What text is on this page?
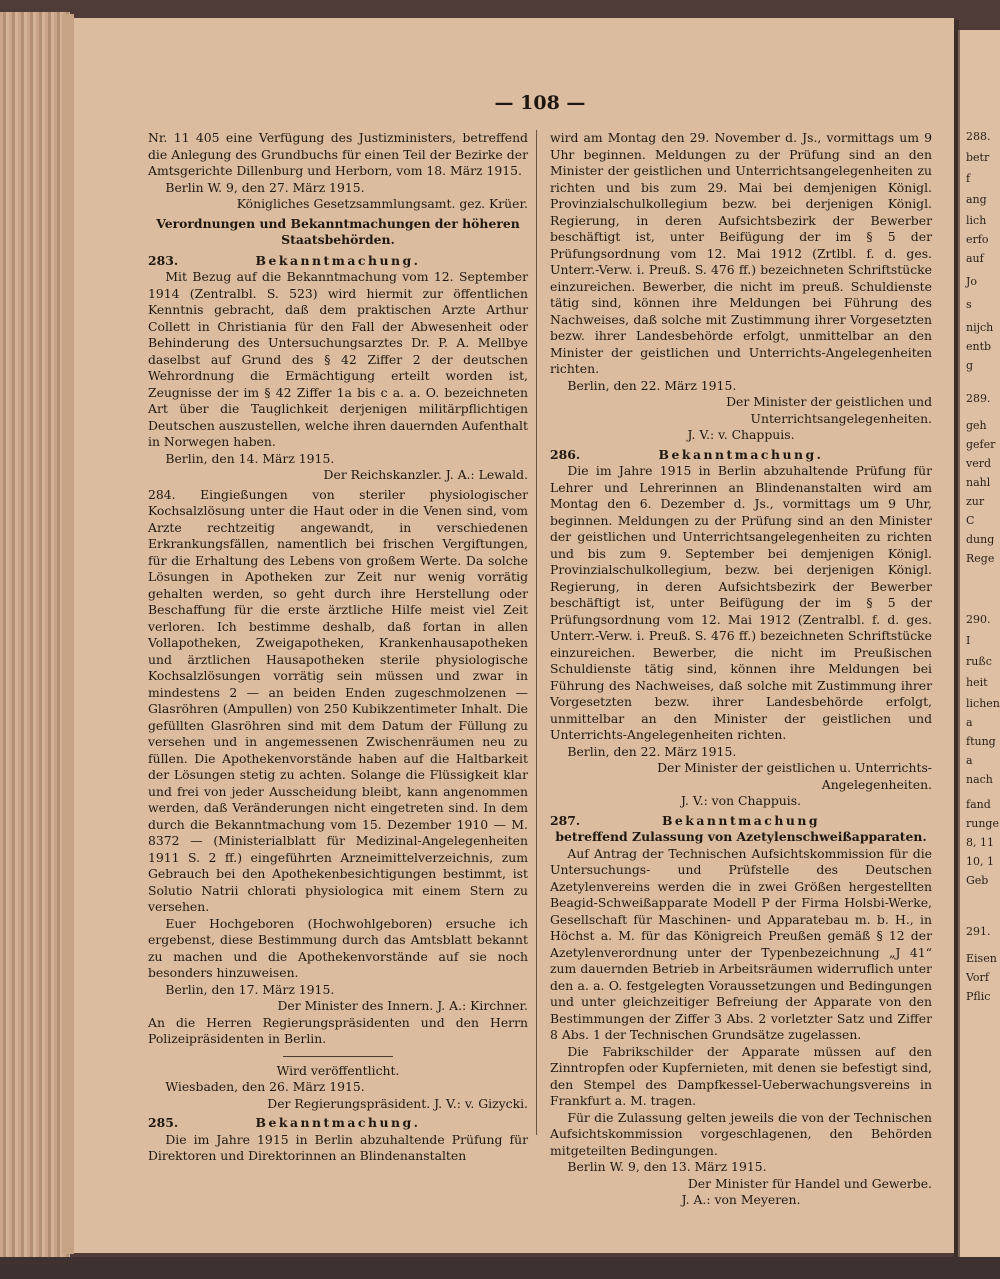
— 108 —

Nr. 11 405 eine Verfügung des Justizministers, betreffend die Anlegung des Grundbuchs für einen Teil der Bezirke der Amtsgerichte Dillenburg und Herborn, vom 18. März 1915.

Berlin W. 9, den 27. März 1915.

Königliches Gesetzsammlungsamt. gez. Krüer.

Verordnungen und Bekanntmachungen der höheren Staatsbehörden.

283.	Bekanntmachung.

Mit Bezug auf die Bekanntmachung vom 12. September 1914 (Zentralbl. S. 523) wird hiermit zur öffentlichen Kenntnis gebracht, daß dem praktischen Arzte Arthur Collett in Christiania für den Fall der Abwesenheit oder Behinderung des Untersuchungsarztes Dr. P. A. Mellbye daselbst auf Grund des § 42 Ziffer 2 der deutschen Wehrordnung die Ermächtigung erteilt worden ist, Zeugnisse der im § 42 Ziffer 1a bis c a. a. O. bezeichneten Art über die Tauglichkeit derjenigen militärpflichtigen Deutschen auszustellen, welche ihren dauernden Aufenthalt in Norwegen haben.

Berlin, den 14. März 1915.

Der Reichskanzler. J. A.: Lewald.

284. Eingießungen von steriler physiologischer Kochsalzlösung unter die Haut oder in die Venen sind, vom Arzte rechtzeitig angewandt, in verschiedenen Erkrankungsfällen, namentlich bei frischen Vergiftungen, für die Erhaltung des Lebens von großem Werte. Da solche Lösungen in Apotheken zur Zeit nur wenig vorrätig gehalten werden, so geht durch ihre Herstellung oder Beschaffung für die erste ärztliche Hilfe meist viel Zeit verloren. Ich bestimme deshalb, daß fortan in allen Vollapotheken, Zweigapotheken, Krankenhausapotheken und ärztlichen Hausapotheken sterile physiologische Kochsalzlösungen vorrätig sein müssen und zwar in mindestens 2 — an beiden Enden zugeschmolzenen — Glasröhren (Ampullen) von 250 Kubikzentimeter Inhalt. Die gefüllten Glasröhren sind mit dem Datum der Füllung zu versehen und in angemessenen Zwischenräumen neu zu füllen. Die Apothekenvorstände haben auf die Haltbarkeit der Lösungen stetig zu achten. Solange die Flüssigkeit klar und frei von jeder Ausscheidung bleibt, kann angenommen werden, daß Veränderungen nicht eingetreten sind. In dem durch die Bekanntmachung vom 15. Dezember 1910 — M. 8372 — (Ministerialblatt für Medizinal-Angelegenheiten 1911 S. 2 ff.) eingeführten Arzneimittelverzeichnis, zum Gebrauch bei den Apothekenbesichtigungen bestimmt, ist Solutio Natrii chlorati physiologica mit einem Stern zu versehen.

Euer Hochgeboren (Hochwohlgeboren) ersuche ich ergebenst, diese Bestimmung durch das Amtsblatt bekannt zu machen und die Apothekenvorstände auf sie noch besonders hinzuweisen.

Berlin, den 17. März 1915.

Der Minister des Innern. J. A.: Kirchner.

An die Herren Regierungspräsidenten und den Herrn Polizeipräsidenten in Berlin.

Wird veröffentlicht.

Wiesbaden, den 26. März 1915.

Der Regierungspräsident. J. V.: v. Gizycki.

285.	Bekanntmachung.

Die im Jahre 1915 in Berlin abzuhaltende Prüfung für Direktoren und Direktorinnen an Blindenanstalten

wird am Montag den 29. November d. Js., vormittags um 9 Uhr beginnen. Meldungen zu der Prüfung sind an den Minister der geistlichen und Unterrichtsangelegenheiten zu richten und bis zum 29. Mai bei demjenigen Königl. Provinzialschulkollegium bezw. bei derjenigen Königl. Regierung, in deren Aufsichtsbezirk der Bewerber beschäftigt ist, unter Beifügung der im § 5 der Prüfungsordnung vom 12. Mai 1912 (Zrtlbl. f. d. ges. Unterr.-Verw. i. Preuß. S. 476 ff.) bezeichneten Schriftstücke einzureichen. Bewerber, die nicht im preuß. Schuldienste tätig sind, können ihre Meldungen bei Führung des Nachweises, daß solche mit Zustimmung ihrer Vorgesetzten bezw. ihrer Landesbehörde erfolgt, unmittelbar an den Minister der geistlichen und Unterrichts-Angelegenheiten richten.

Berlin, den 22. März 1915.

Der Minister der geistlichen und Unterrichtsangelegenheiten.

J. V.: v. Chappuis.

286.	Bekanntmachung.

Die im Jahre 1915 in Berlin abzuhaltende Prüfung für Lehrer und Lehrerinnen an Blindenanstalten wird am Montag den 6. Dezember d. Js., vormittags um 9 Uhr, beginnen. Meldungen zu der Prüfung sind an den Minister der geistlichen und Unterrichtsangelegenheiten zu richten und bis zum 9. September bei demjenigen Königl. Provinzialschulkollegium, bezw. bei derjenigen Königl. Regierung, in deren Aufsichtsbezirk der Bewerber beschäftigt ist, unter Beifügung der im § 5 der Prüfungsordnung vom 12. Mai 1912 (Zentralbl. f. d. ges. Unterr.-Verw. i. Preuß. S. 476 ff.) bezeichneten Schriftstücke einzureichen. Bewerber, die nicht im Preußischen Schuldienste tätig sind, können ihre Meldungen bei Führung des Nachweises, daß solche mit Zustimmung ihrer Vorgesetzten bezw. ihrer Landesbehörde erfolgt, unmittelbar an den Minister der geistlichen und Unterrichts-Angelegenheiten richten.

Berlin, den 22. März 1915.

Der Minister der geistlichen u. Unterrichts-Angelegenheiten.

J. V.: von Chappuis.

287.	Bekanntmachung

betreffend Zulassung von Azetylenschweißapparaten.

Auf Antrag der Technischen Aufsichtskommission für die Untersuchungs- und Prüfstelle des Deutschen Azetylenvereins werden die in zwei Größen hergestellten Beagid-Schweißapparate Modell P der Firma Holsbi-Werke, Gesellschaft für Maschinen- und Apparatebau m. b. H., in Höchst a. M. für das Königreich Preußen gemäß § 12 der Azetylenverordnung unter der Typenbezeichnung „J 41“ zum dauernden Betrieb in Arbeitsräumen widerruflich unter den a. a. O. festgelegten Voraussetzungen und Bedingungen und unter gleichzeitiger Befreiung der Apparate von den Bestimmungen der Ziffer 3 Abs. 2 vorletzter Satz und Ziffer 8 Abs. 1 der Technischen Grundsätze zugelassen.

Die Fabrikschilder der Apparate müssen auf den Zinntropfen oder Kupfernieten, mit denen sie befestigt sind, den Stempel des Dampfkessel-Ueberwachungsvereins in Frankfurt a. M. tragen.

Für die Zulassung gelten jeweils die von der Technischen Aufsichtskommission vorgeschlagenen, den Behörden mitgeteilten Bedingungen.

Berlin W. 9, den 13. März 1915.

Der Minister für Handel und Gewerbe.

J. A.: von Meyeren.

288.
betr
f
ang
lich
erfo
auf
Jo
s
nijch
entb
g
289.
geh
gefer
verd
nahl
zur
C
dung
Rege
290.
I
rußc
heit
lichen
a
ftung
a
nach
fand
runge
8, 11
10, 1
Geb
291.
Eisen
Vorf
Pflic
